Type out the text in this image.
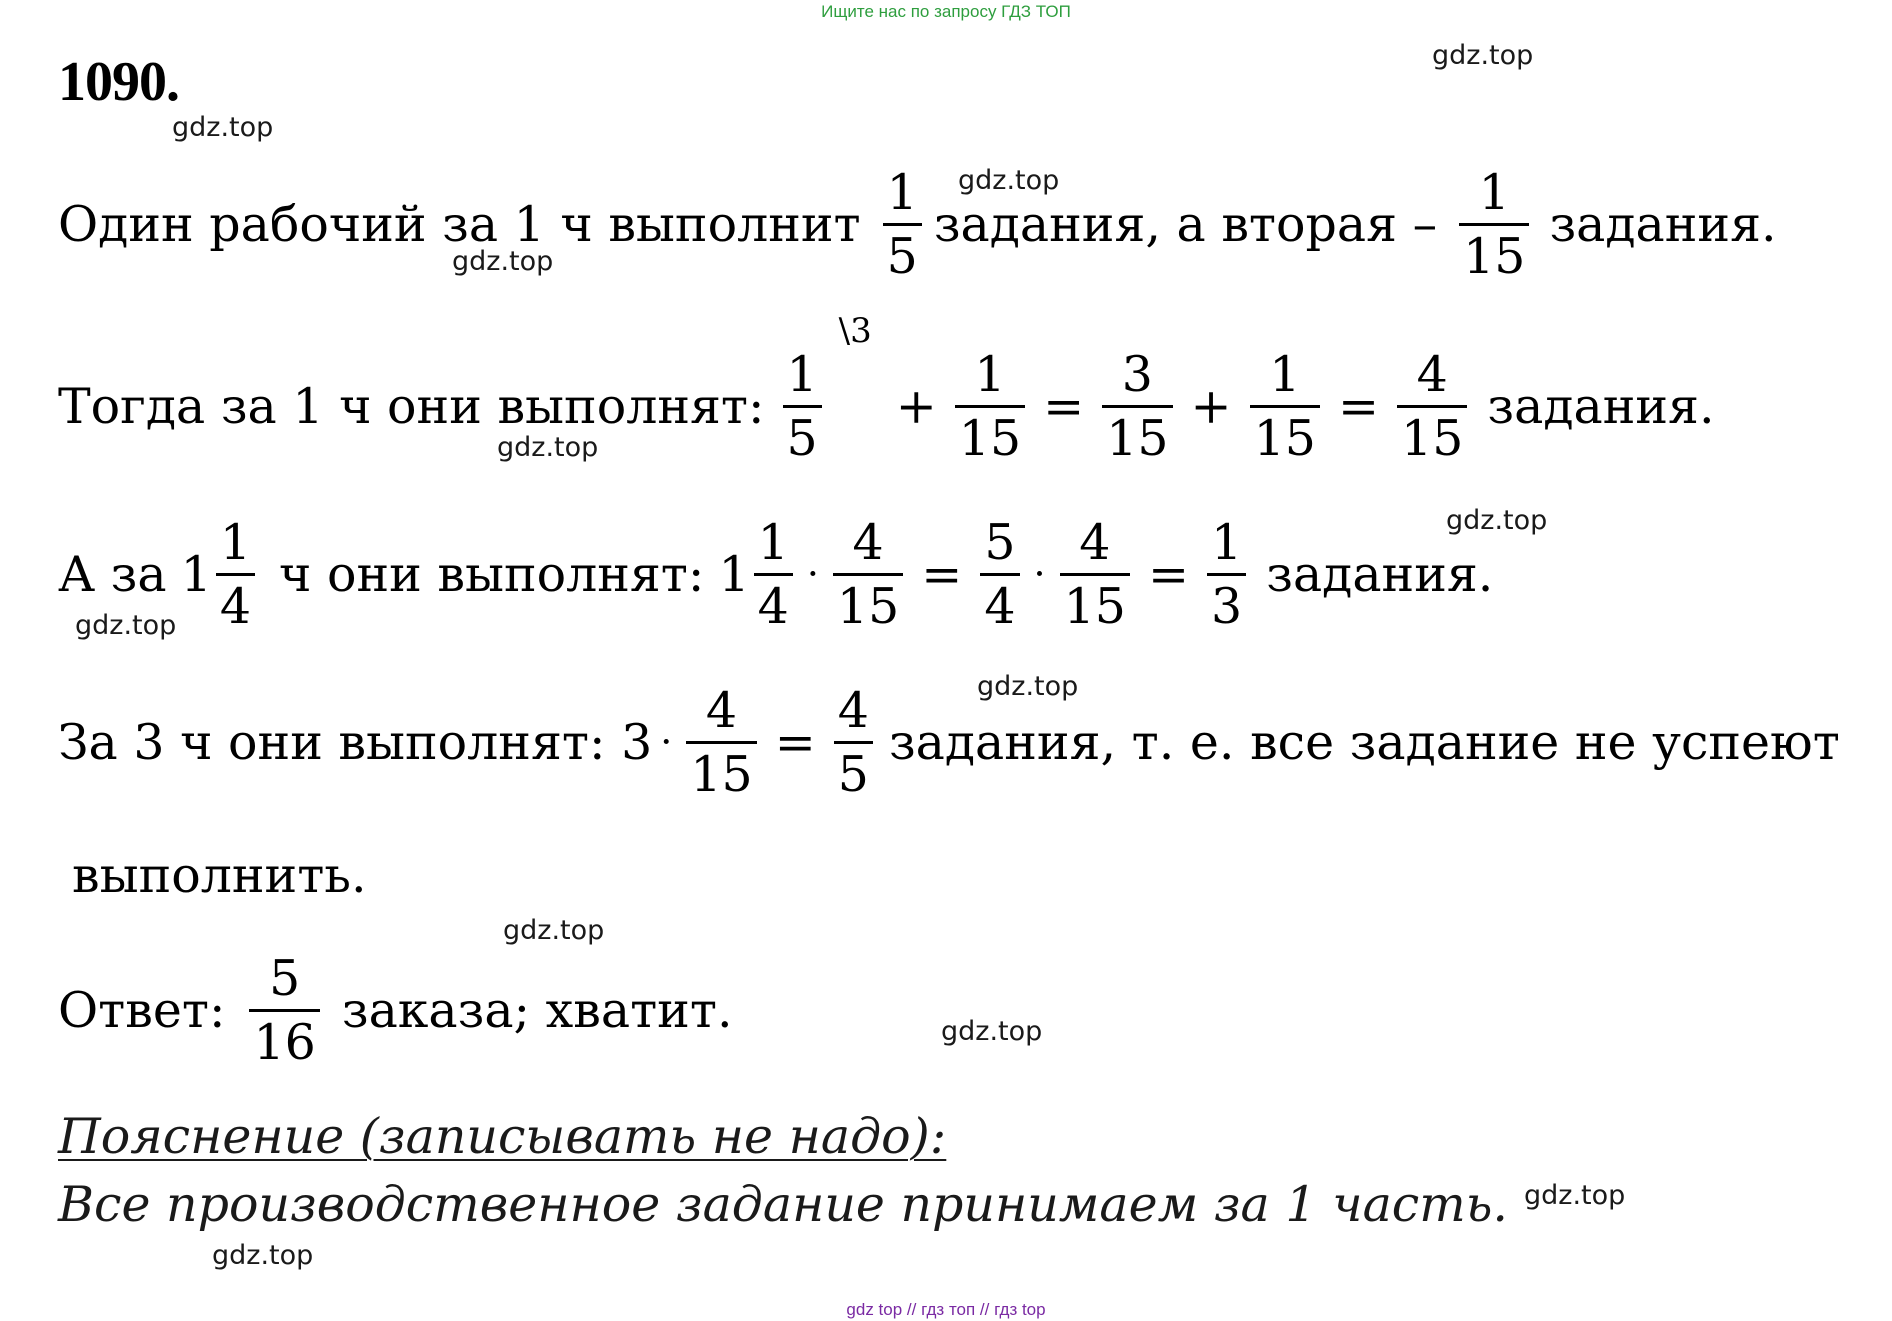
Ищите нас по запросу ГДЗ ТОП
1090.	gdz.top
gdz.top
gdz.top
gdz.top
gdz.top
gdz.top
gdz.top
gdz.top
gdz.top
gdz.top
gdz.top
gdz.top
Один рабочий за 1 ч выполнит $\frac{1}{5}$ задания, а вторая – $\frac{1}{15}$ задания.
Тогда за 1 ч они выполнят:
1
5
\3
+ $\frac{1}{15} = \frac{3}{15} + \frac{1}{15} = \frac{4}{15}$ задания.
А за $1 \frac{1}{4}$ ч они выполнят: $1 \frac{1}{4} \cdot \frac{4}{15} = \frac{5}{4} \cdot \frac{4}{15} = \frac{1}{3}$ задания.
За 3 ч они выполнят: $3 \cdot \frac{4}{15} = \frac{4}{5}$ задания, т. е. все задание не успеют
выполнить.
Ответ: $\frac{5}{16}$ заказа; хватит.
Пояснение (записывать не надо):
Все производственное задание принимаем за 1 часть.
gdz top // гдз топ // гдз top
